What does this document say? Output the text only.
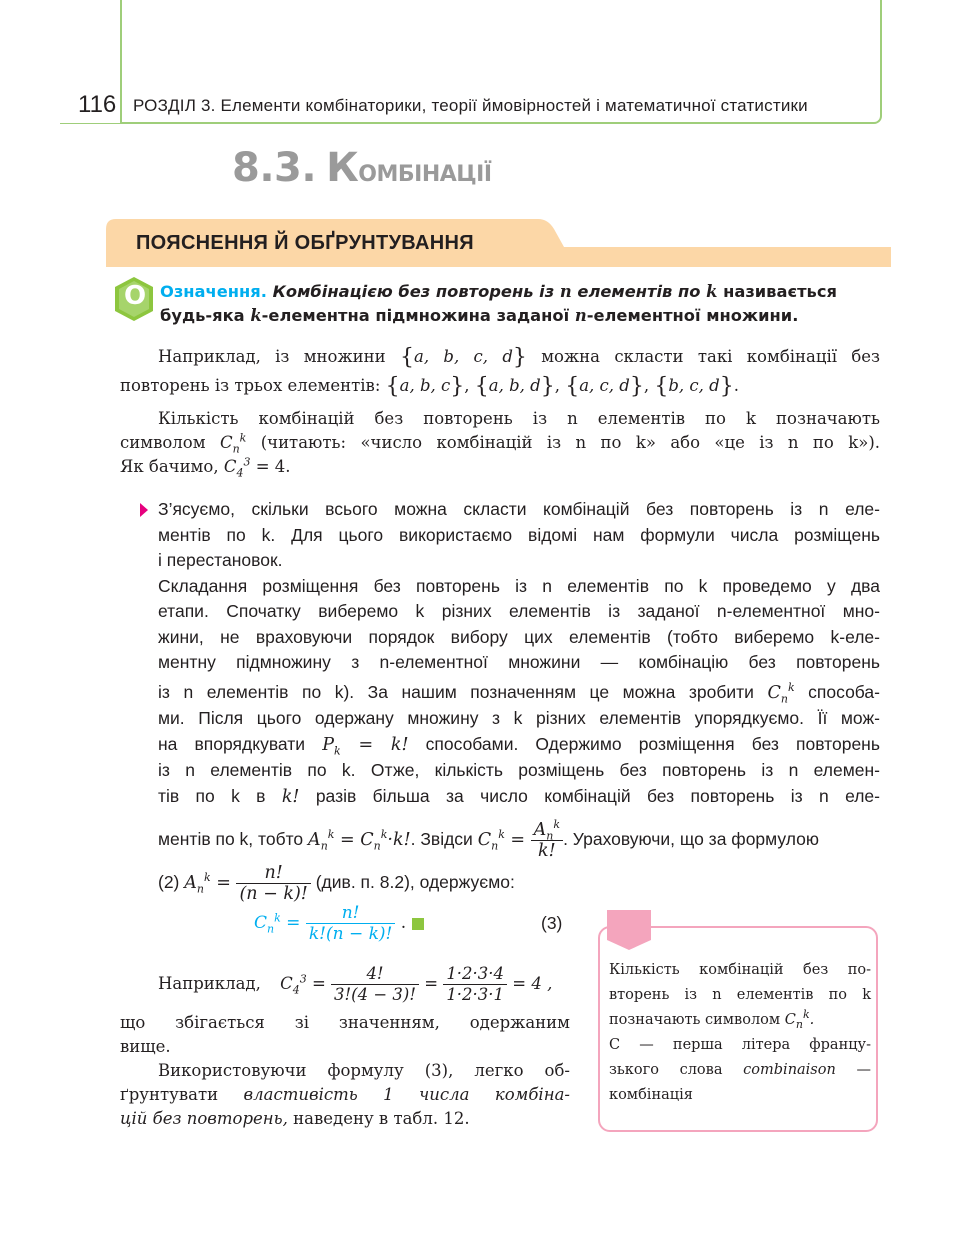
116 РОЗДІЛ 3. Елементи комбінаторики, теорії ймовірностей і математичної статистики
8.3. Комбінації
ПОЯСНЕННЯ Й ОБҐРУНТУВАННЯ
О Означення. Комбінацією без повторень із n елементів по k називається
будь-яка k-елементна підмножина заданої n-елементної множини.
Наприклад, із множини {a, b, c, d} можна скласти такі комбінації без
повторень із трьох елементів: {a, b, c}, {a, b, d}, {a, c, d}, {b, c, d}.
Кількість комбінацій без повторень із n елементів по k позначають
символом $C_n^k$ (читають: «число комбінацій із n по k» або «це із n по k»).
Як бачимо, $C_4^3 = 4$.
З’ясуємо, скільки всього можна скласти комбінацій без повторень із n еле-
ментів по k. Для цього використаємо відомі нам формули числа розміщень
і перестановок.
Складання розміщення без повторень із n елементів по k проведемо у два
етапи. Спочатку виберемо k різних елементів із заданої n-елементної мно-
жини, не враховуючи порядок вибору цих елементів (тобто виберемо k-еле-
ментну підмножину з n-елементної множини — комбінацію без повторень
із n елементів по k). За нашим позначенням це можна зробити $C_n^k$ способа-
ми. Після цього одержану множину з k різних елементів упорядкуємо. Її мож-
на впорядкувати $P_k = k$! способами. Одержимо розміщення без повторень
із n елементів по k. Отже, кількість розміщень без повторень із n елемен-
тів по k в k! разів більша за число комбінацій без повторень із n еле-
ментів по k, тобто $A_n^k = C_n^k\cdot k$!. Звідси $C_n^k = \frac{A_n^k}{k!}$ . Ураховуючи, що за формулою
(2) $A_n^k = \frac{n!}{(n - k)!} (див$. п. 8.2), одержуємо:
$C_n^k = \frac{n!}{k!(n - k)!}$ .	(3)
Наприклад, $C_4^3 = \frac{4!}{3!(4 - 3)!} = \frac{1\cdot 2\cdot 3\cdot 4}{1\cdot 2\cdot 3\cdot 1} = 4$ ,
що збігається зі значенням, одержаним
вище.
Використовуючи формулу (3), легко об-
ґрунтувати властивість 1 числа комбіна-
цій без повторень, наведену в табл. 12.
Кількість комбінацій без по-
вторень із n елементів по k
позначають символом $C_n^k$.
C — перша літера францу-
зького слова combinaison —
комбінація
